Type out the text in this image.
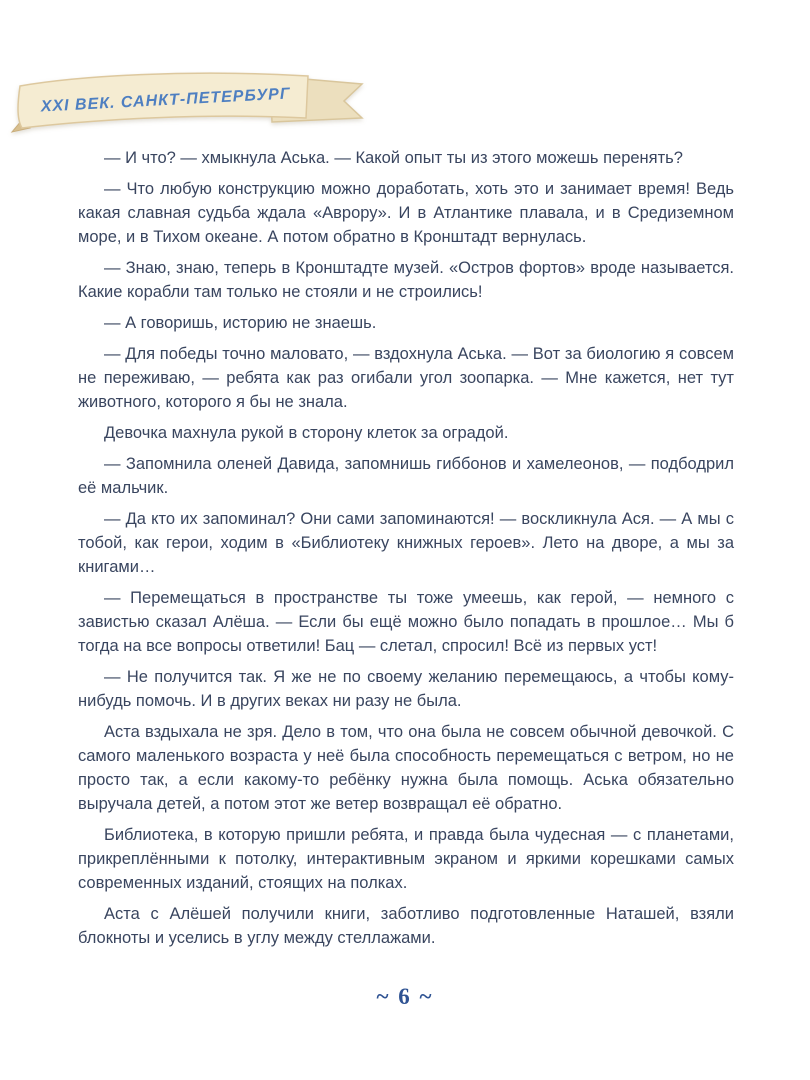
XXI ВЕК. САНКТ-ПЕТЕРБУРГ

— И что? — хмыкнула Аська. — Какой опыт ты из этого можешь перенять?

— Что любую конструкцию можно доработать, хоть это и занимает время! Ведь какая славная судьба ждала «Аврору». И в Атлантике плавала, и в Средиземном море, и в Тихом океане. А потом обратно в Кронштадт вернулась.

— Знаю, знаю, теперь в Кронштадте музей. «Остров фортов» вроде называется. Какие корабли там только не стояли и не строились!

— А говоришь, историю не знаешь.

— Для победы точно маловато, — вздохнула Аська. — Вот за биологию я совсем не переживаю, — ребята как раз огибали угол зоопарка. — Мне кажется, нет тут животного, которого я бы не знала.

Девочка махнула рукой в сторону клеток за оградой.

— Запомнила оленей Давида, запомнишь гиббонов и хамелеонов, — подбодрил её мальчик.

— Да кто их запоминал? Они сами запоминаются! — воскликнула Ася. — А мы с тобой, как герои, ходим в «Библиотеку книжных героев». Лето на дворе, а мы за книгами…

— Перемещаться в пространстве ты тоже умеешь, как герой, — немного с завистью сказал Алёша. — Если бы ещё можно было попадать в прошлое… Мы б тогда на все вопросы ответили! Бац — слетал, спросил! Всё из первых уст!

— Не получится так. Я же не по своему желанию перемещаюсь, а чтобы кому-нибудь помочь. И в других веках ни разу не была.

Аста вздыхала не зря. Дело в том, что она была не совсем обычной девочкой. С самого маленького возраста у неё была способность перемещаться с ветром, но не просто так, а если какому-то ребёнку нужна была помощь. Аська обязательно выручала детей, а потом этот же ветер возвращал её обратно.

Библиотека, в которую пришли ребята, и правда была чудесная — с планетами, прикреплёнными к потолку, интерактивным экраном и яркими корешками самых современных изданий, стоящих на полках.

Аста с Алёшей получили книги, заботливо подготовленные Наташей, взяли блокноты и уселись в углу между стеллажами.

~ 6 ~
